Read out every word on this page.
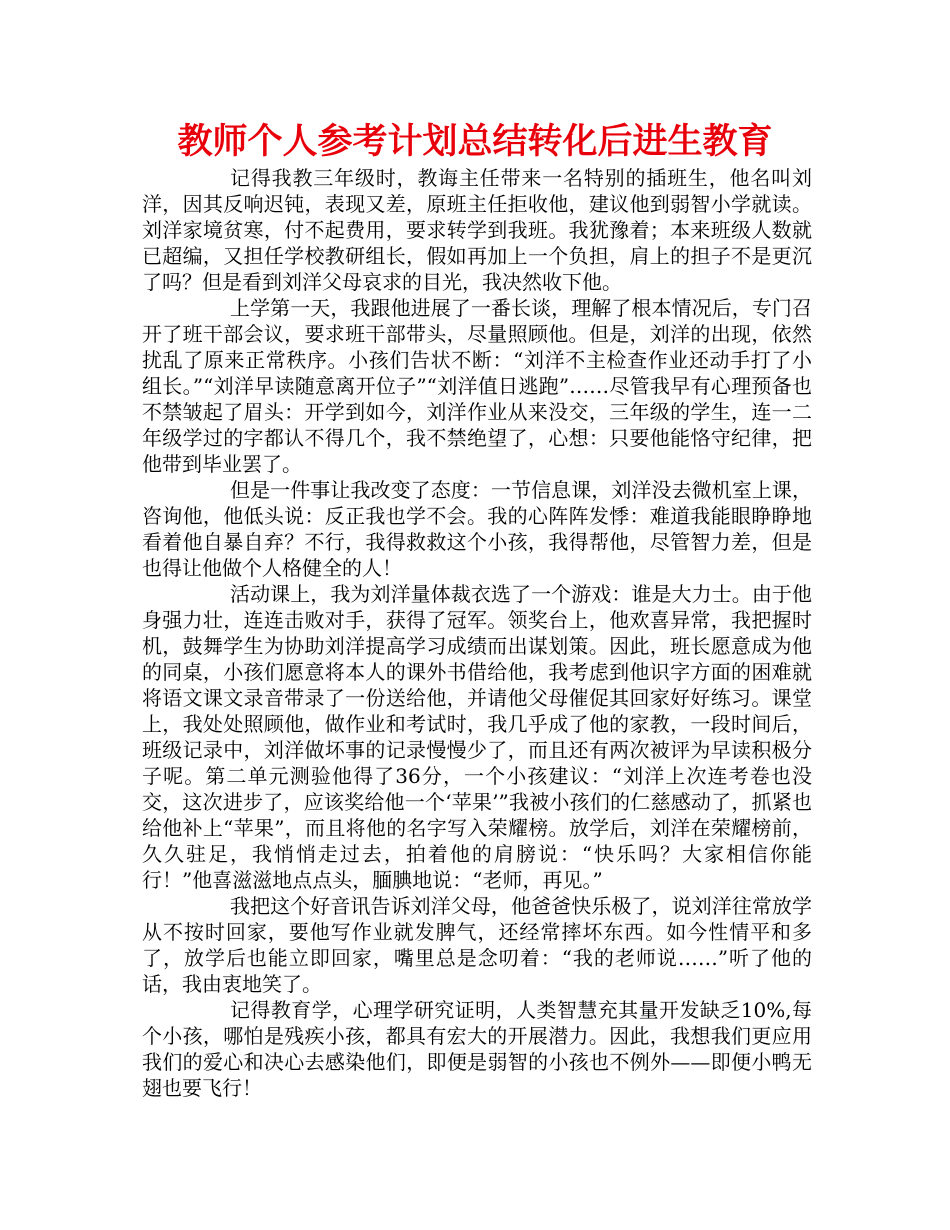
教师个人参考计划总结转化后进生教育

记得我教三年级时，教诲主任带来一名特别的插班生，他名叫刘洋，因其反响迟钝，表现又差，原班主任拒收他，建议他到弱智小学就读。刘洋家境贫寒，付不起费用，要求转学到我班。我犹豫着；本来班级人数就已超编，又担任学校教研组长，假如再加上一个负担，肩上的担子不是更沉了吗？但是看到刘洋父母哀求的目光，我决然收下他。

上学第一天，我跟他进展了一番长谈，理解了根本情况后，专门召开了班干部会议，要求班干部带头，尽量照顾他。但是，刘洋的出现，依然扰乱了原来正常秩序。小孩们告状不断：“刘洋不主检查作业还动手打了小组长。”“刘洋早读随意离开位子”“刘洋值日逃跑”……尽管我早有心理预备也不禁皱起了眉头：开学到如今，刘洋作业从来没交，三年级的学生，连一二年级学过的字都认不得几个，我不禁绝望了，心想：只要他能恪守纪律，把他带到毕业罢了。

但是一件事让我改变了态度：一节信息课，刘洋没去微机室上课，咨询他，他低头说：反正我也学不会。我的心阵阵发悸：难道我能眼睁睁地看着他自暴自弃？不行，我得救救这个小孩，我得帮他，尽管智力差，但是也得让他做个人格健全的人！

活动课上，我为刘洋量体裁衣选了一个游戏：谁是大力士。由于他身强力壮，连连击败对手，获得了冠军。领奖台上，他欢喜异常，我把握时机，鼓舞学生为协助刘洋提高学习成绩而出谋划策。因此，班长愿意成为他的同桌，小孩们愿意将本人的课外书借给他，我考虑到他识字方面的困难就将语文课文录音带录了一份送给他，并请他父母催促其回家好好练习。课堂上，我处处照顾他，做作业和考试时，我几乎成了他的家教，一段时间后，班级记录中，刘洋做坏事的记录慢慢少了，而且还有两次被评为早读积极分子呢。第二单元测验他得了36分，一个小孩建议：“刘洋上次连考卷也没交，这次进步了，应该奖给他一个‘苹果’”我被小孩们的仁慈感动了，抓紧也给他补上“苹果”，而且将他的名字写入荣耀榜。放学后，刘洋在荣耀榜前，久久驻足，我悄悄走过去，拍着他的肩膀说：“快乐吗？大家相信你能行！”他喜滋滋地点点头，腼腆地说：“老师，再见。”

我把这个好音讯告诉刘洋父母，他爸爸快乐极了，说刘洋往常放学从不按时回家，要他写作业就发脾气，还经常摔坏东西。如今性情平和多了，放学后也能立即回家，嘴里总是念叨着：“我的老师说……”听了他的话，我由衷地笑了。

记得教育学，心理学研究证明，人类智慧充其量开发缺乏10%,每个小孩，哪怕是残疾小孩，都具有宏大的开展潜力。因此，我想我们更应用我们的爱心和决心去感染他们，即便是弱智的小孩也不例外——即便小鸭无翅也要飞行！
